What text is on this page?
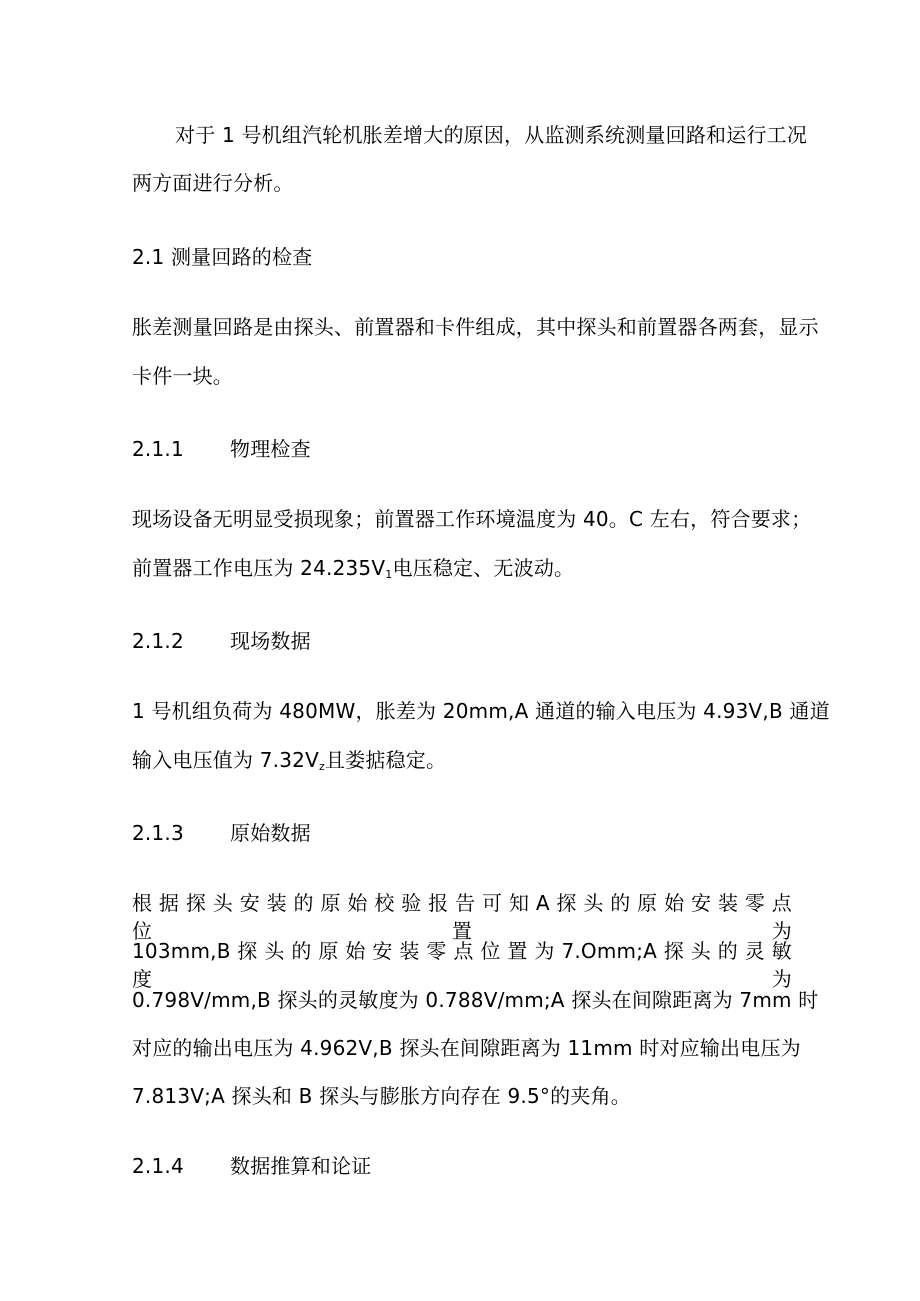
对于 1 号机组汽轮机胀差增大的原因，从监测系统测量回路和运行工况
两方面进行分析。
2.1 测量回路的检查
胀差测量回路是由探头、前置器和卡件组成，其中探头和前置器各两套，显示
卡件一块。
2.1.1 物理检查
现场设备无明显受损现象；前置器工作环境温度为 40。C 左右，符合要求；
前置器工作电压为 $24.235V_1$电压稳定、无波动。
2.1.2 现场数据
1 号机组负荷为 480MW，胀差为 20mm,A 通道的输入电压为 4.93V,B 通道
输入电压值为 $7.32V_z$且娄掂稳定。
2.1.3 原始数据
根 据 探 头 安 装 的 原 始 校 验 报 告 可 知 A 探 头 的 原 始 安 装 零 点 位 置 为
103mm,B 探 头 的 原 始 安 装 零 点 位 置 为 7.Omm;A 探 头 的 灵 敏 度 为
0.798V/mm,B 探头的灵敏度为 0.788V/mm;A 探头在间隙距离为 7mm 时
对应的输出电压为 4.962V,B 探头在间隙距离为 11mm 时对应输出电压为
7.813V;A 探头和 B 探头与膨胀方向存在 9.5°的夹角。
2.1.4 数据推算和论证
